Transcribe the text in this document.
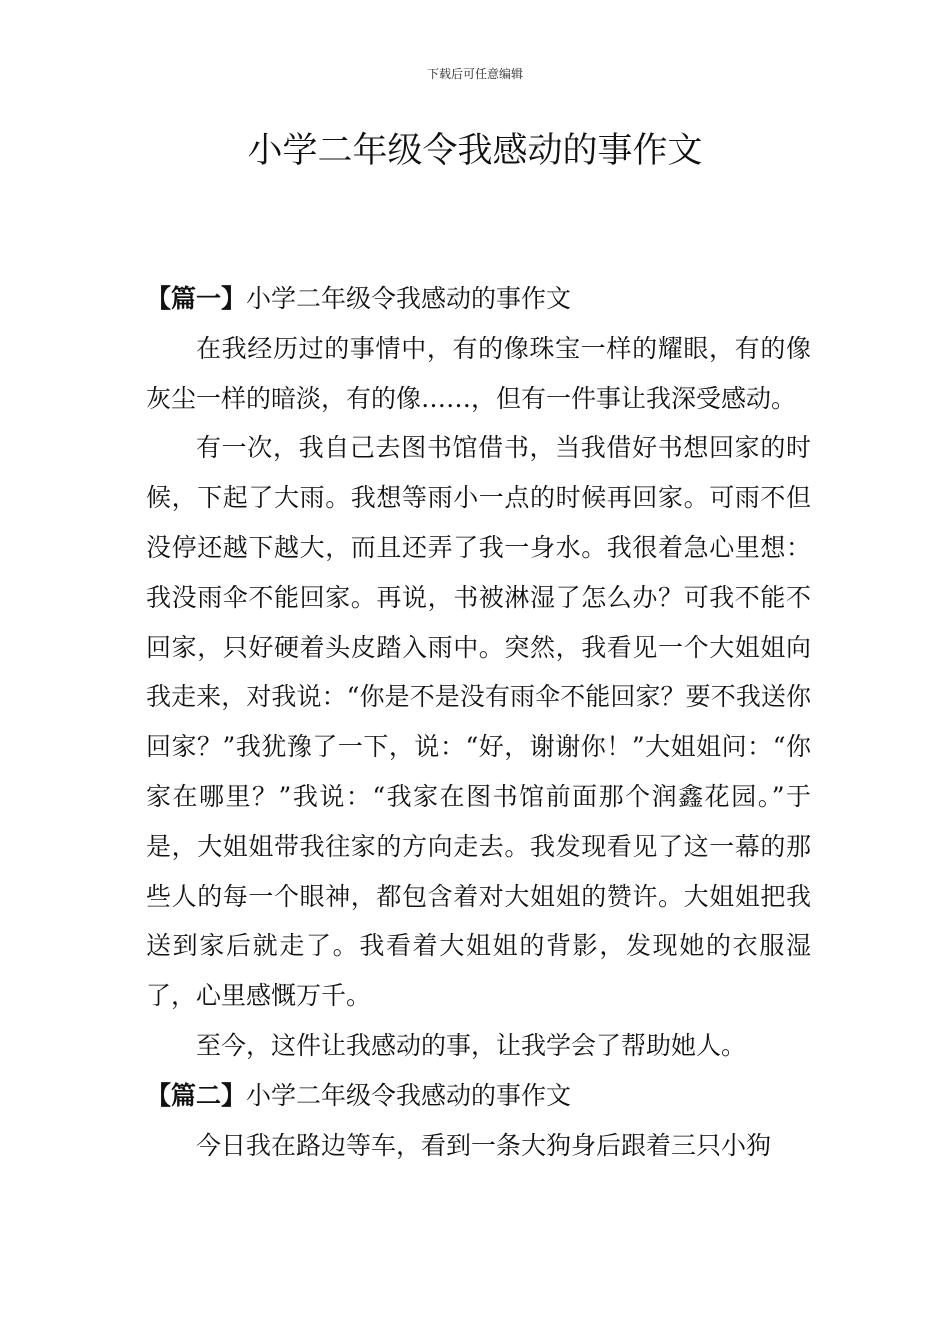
下载后可任意编辑
小学二年级令我感动的事作文
【篇一】小学二年级令我感动的事作文

在我经历过的事情中，有的像珠宝一样的耀眼，有的像灰尘一样的暗淡，有的像……，但有一件事让我深受感动。

有一次，我自己去图书馆借书，当我借好书想回家的时候，下起了大雨。我想等雨小一点的时候再回家。可雨不但没停还越下越大，而且还弄了我一身水。我很着急心里想：我没雨伞不能回家。再说，书被淋湿了怎么办？可我不能不回家，只好硬着头皮踏入雨中。突然，我看见一个大姐姐向我走来，对我说：“你是不是没有雨伞不能回家？要不我送你回家？”我犹豫了一下，说：“好，谢谢你！”大姐姐问：“你家在哪里？”我说：“我家在图书馆前面那个润鑫花园。”于是，大姐姐带我往家的方向走去。我发现看见了这一幕的那些人的每一个眼神，都包含着对大姐姐的赞许。大姐姐把我送到家后就走了。我看着大姐姐的背影，发现她的衣服湿了，心里感慨万千。

至今，这件让我感动的事，让我学会了帮助她人。

【篇二】小学二年级令我感动的事作文

今日我在路边等车，看到一条大狗身后跟着三只小狗
